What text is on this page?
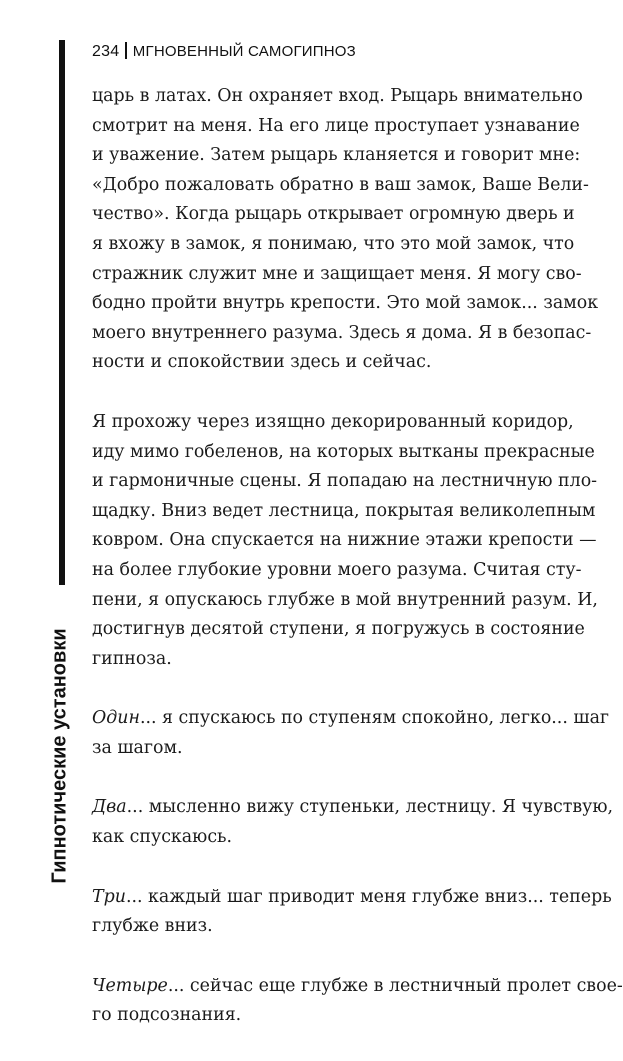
234 МГНОВЕННЫЙ САМОГИПНОЗ
Гипнотические установки

царь в латах. Он охраняет вход. Рыцарь внимательно
смотрит на меня. На его лице проступает узнавание
и уважение. Затем рыцарь кланяется и говорит мне:
«Добро пожаловать обратно в ваш замок, Ваше Вели-
чество». Когда рыцарь открывает огромную дверь и
я вхожу в замок, я понимаю, что это мой замок, что
стражник служит мне и защищает меня. Я могу сво-
бодно пройти внутрь крепости. Это мой замок... замок
моего внутреннего разума. Здесь я дома. Я в безопас-
ности и спокойствии здесь и сейчас.

Я прохожу через изящно декорированный коридор,
иду мимо гобеленов, на которых вытканы прекрасные
и гармоничные сцены. Я попадаю на лестничную пло-
щадку. Вниз ведет лестница, покрытая великолепным
ковром. Она спускается на нижние этажи крепости —
на более глубокие уровни моего разума. Считая сту-
пени, я опускаюсь глубже в мой внутренний разум. И,
достигнув десятой ступени, я погружусь в состояние
гипноза.

Один... я спускаюсь по ступеням спокойно, легко... шаг
за шагом.

Два... мысленно вижу ступеньки, лестницу. Я чувствую,
как спускаюсь.

Три... каждый шаг приводит меня глубже вниз... теперь
глубже вниз.

Четыре... сейчас еще глубже в лестничный пролет свое-
го подсознания.
